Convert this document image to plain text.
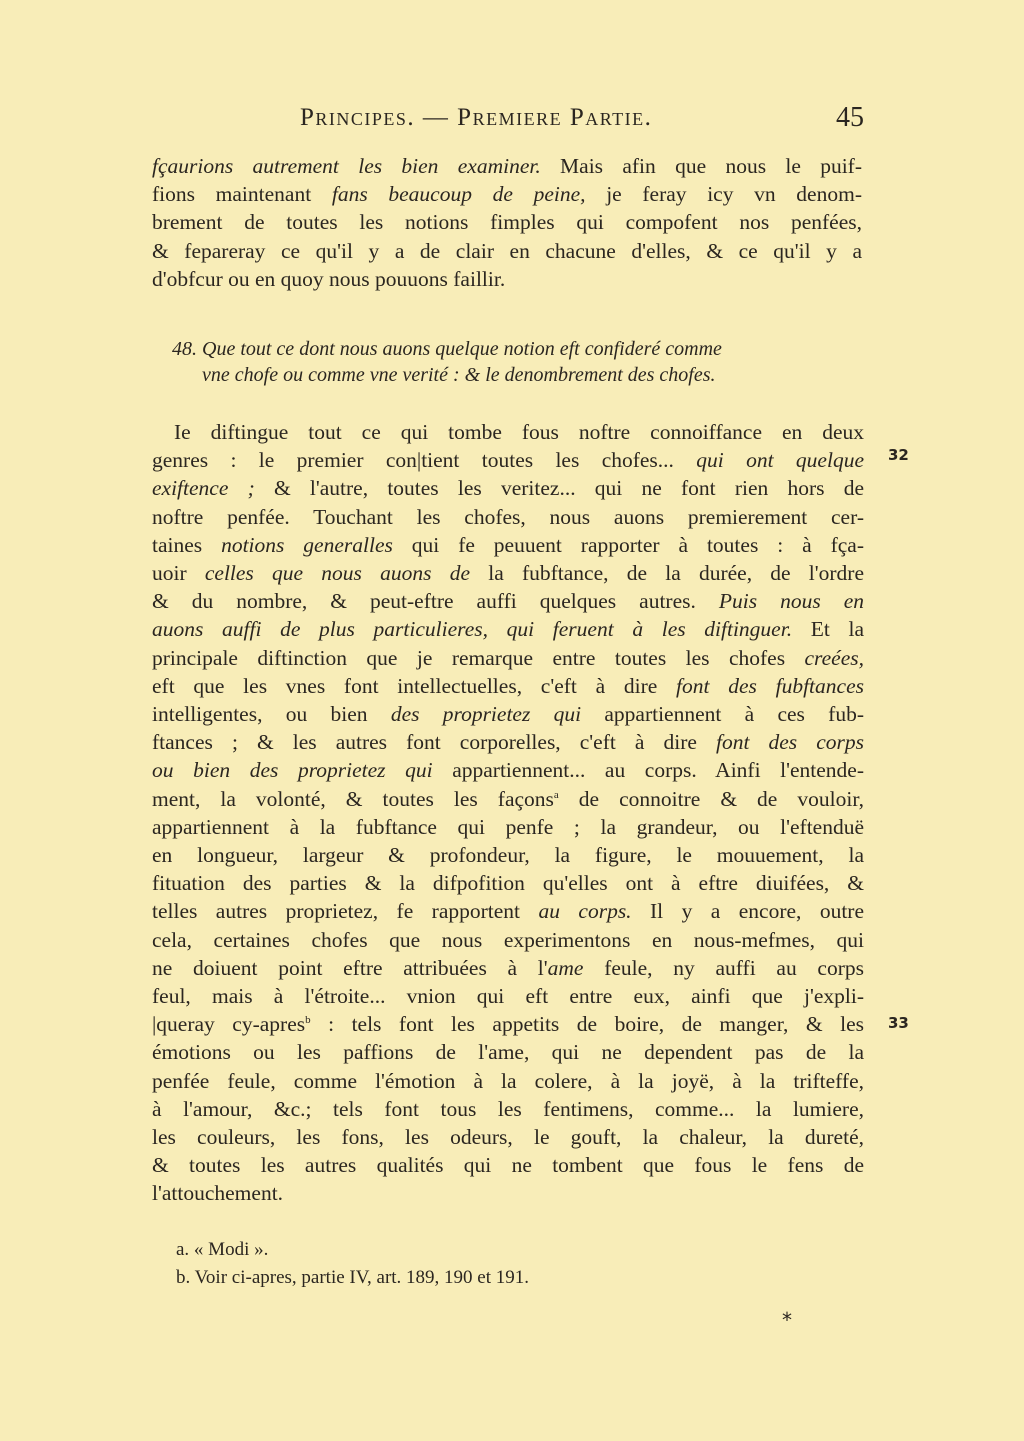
Principes. — Premiere Partie.	45
fçaurions autrement les bien examiner. Mais afin que nous le puif-
fions maintenant fans beaucoup de peine, je feray icy vn denom-
brement de toutes les notions fimples qui compofent nos penfées,
& fepareray ce qu'il y a de clair en chacune d'elles, & ce qu'il y a
d'obfcur ou en quoy nous pouuons faillir.
48. Que tout ce dont nous auons quelque notion eft confideré comme
vne chofe ou comme vne verité : & le denombrement des chofes.
Ie diftingue tout ce qui tombe fous noftre connoiffance en deux
genres : le premier con|tient toutes les chofes... qui ont quelque
exiftence ; & l'autre, toutes les veritez... qui ne font rien hors de
noftre penfée. Touchant les chofes, nous auons premierement cer-
taines notions generalles qui fe peuuent rapporter à toutes : à fça-
uoir celles que nous auons de la fubftance, de la durée, de l'ordre
& du nombre, & peut-eftre auffi quelques autres. Puis nous en
auons auffi de plus particulieres, qui feruent à les diftinguer. Et la
principale diftinction que je remarque entre toutes les chofes creées,
eft que les vnes font intellectuelles, c'eft à dire font des fubftances
intelligentes, ou bien des proprietez qui appartiennent à ces fub-
ftances ; & les autres font corporelles, c'eft à dire font des corps
ou bien des proprietez qui appartiennent... au corps. Ainfi l'entende-
ment, la volonté, & toutes les façons$^a$ de connoitre & de vouloir,
appartiennent à la fubftance qui penfe ; la grandeur, ou l'eftenduë
en longueur, largeur & profondeur, la figure, le mouuement, la
fituation des parties & la difpofition qu'elles ont à eftre diuifées, &
telles autres proprietez, fe rapportent au corps. Il y a encore, outre
cela, certaines chofes que nous experimentons en nous-mefmes, qui
ne doiuent point eftre attribuées à l'ame feule, ny auffi au corps
feul, mais à l'étroite... vnion qui eft entre eux, ainfi que j'expli-
|queray cy-apres$^b$ : tels font les appetits de boire, de manger, & les
émotions ou les paffions de l'ame, qui ne dependent pas de la
penfée feule, comme l'émotion à la colere, à la joyë, à la trifteffe,
à l'amour, &c.; tels font tous les fentimens, comme... la lumiere,
les couleurs, les fons, les odeurs, le gouft, la chaleur, la dureté,
& toutes les autres qualités qui ne tombent que fous le fens de
l'attouchement.
32
33
a. « Modi ».
b. Voir ci-apres, partie IV, art. 189, 190 et 191.
*
